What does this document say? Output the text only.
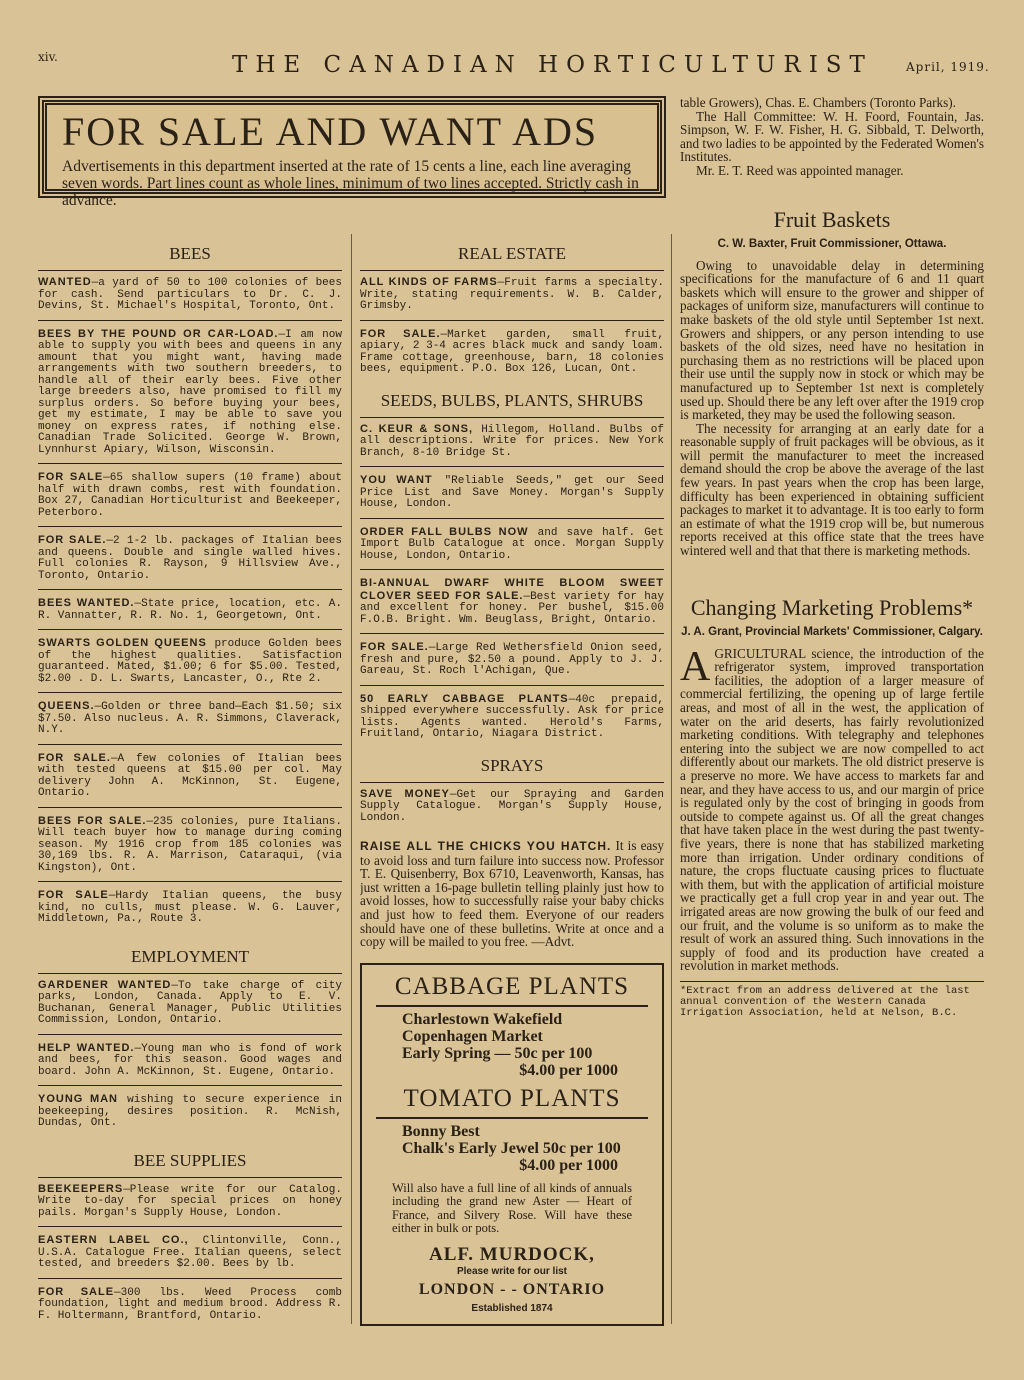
xiv.	THE CANADIAN HORTICULTURIST	April, 1919.
FOR SALE AND WANT ADS
Advertisements in this department inserted at the rate of 15 cents a line, each line averaging seven words. Part lines count as whole lines, minimum of two lines accepted. Strictly cash in advance.
BEES
WANTED—a yard of 50 to 100 colonies of bees for cash. Send particulars to Dr. C. J. Devins, St. Michael's Hospital, Toronto, Ont.
BEES BY THE POUND OR CAR-LOAD.—I am now able to supply you with bees and queens in any amount that you might want, having made arrangements with two southern breeders, to handle all of their early bees. Five other large breeders also, have promised to fill my surplus orders. So before buying your bees, get my estimate, I may be able to save you money on express rates, if nothing else. Canadian Trade Solicited. George W. Brown, Lynnhurst Apiary, Wilson, Wisconsin.
FOR SALE—65 shallow supers (10 frame) about half with drawn combs, rest with foundation. Box 27, Canadian Horticulturist and Beekeeper, Peterboro.
FOR SALE.—2 1-2 lb. packages of Italian bees and queens. Double and single walled hives. Full colonies R. Rayson, 9 Hillsview Ave., Toronto, Ontario.
BEES WANTED.—State price, location, etc. A. R. Vannatter, R. R. No. 1, Georgetown, Ont.
SWARTS GOLDEN QUEENS produce Golden bees of the highest qualities. Satisfaction guaranteed. Mated, $1.00; 6 for $5.00. Tested, $2.00 . D. L. Swarts, Lancaster, O., Rte 2.
QUEENS.—Golden or three band—Each $1.50; six $7.50. Also nucleus. A. R. Simmons, Claverack, N.Y.
FOR SALE.—A few colonies of Italian bees with tested queens at $15.00 per col. May delivery John A. McKinnon, St. Eugene, Ontario.
BEES FOR SALE.—235 colonies, pure Italians. Will teach buyer how to manage during coming season. My 1916 crop from 185 colonies was 30,169 lbs. R. A. Marrison, Cataraqui, (via Kingston), Ont.
FOR SALE—Hardy Italian queens, the busy kind, no culls, must please. W. G. Lauver, Middletown, Pa., Route 3.
EMPLOYMENT
GARDENER WANTED—To take charge of city parks, London, Canada. Apply to E. V. Buchanan, General Manager, Public Utilities Commission, London, Ontario.
HELP WANTED.—Young man who is fond of work and bees, for this season. Good wages and board. John A. McKinnon, St. Eugene, Ontario.
YOUNG MAN wishing to secure experience in beekeeping, desires position. R. McNish, Dundas, Ont.
BEE SUPPLIES
BEEKEEPERS—Please write for our Catalog. Write to-day for special prices on honey pails. Morgan's Supply House, London.
EASTERN LABEL CO., Clintonville, Conn., U.S.A. Catalogue Free. Italian queens, select tested, and breeders $2.00. Bees by lb.
FOR SALE—300 lbs. Weed Process comb foundation, light and medium brood. Address R. F. Holtermann, Brantford, Ontario.
REAL ESTATE
ALL KINDS OF FARMS—Fruit farms a specialty. Write, stating requirements. W. B. Calder, Grimsby.
FOR SALE.—Market garden, small fruit, apiary, 2 3-4 acres black muck and sandy loam. Frame cottage, greenhouse, barn, 18 colonies bees, equipment. P.O. Box 126, Lucan, Ont.
SEEDS, BULBS, PLANTS, SHRUBS
C. KEUR & SONS, Hillegom, Holland. Bulbs of all descriptions. Write for prices. New York Branch, 8-10 Bridge St.
YOU WANT "Reliable Seeds," get our Seed Price List and Save Money. Morgan's Supply House, London.
ORDER FALL BULBS NOW and save half. Get Import Bulb Catalogue at once. Morgan Supply House, London, Ontario.
BI-ANNUAL DWARF WHITE BLOOM SWEET CLOVER SEED FOR SALE.—Best variety for hay and excellent for honey. Per bushel, $15.00 F.O.B. Bright. Wm. Beuglass, Bright, Ontario.
FOR SALE.—Large Red Wethersfield Onion seed, fresh and pure, $2.50 a pound. Apply to J. J. Gareau, St. Roch l'Achigan, Que.
50 EARLY CABBAGE PLANTS—40c prepaid, shipped everywhere successfully. Ask for price lists. Agents wanted. Herold's Farms, Fruitland, Ontario, Niagara District.
SPRAYS
SAVE MONEY—Get our Spraying and Garden Supply Catalogue. Morgan's Supply House, London.
RAISE ALL THE CHICKS YOU HATCH. It is easy to avoid loss and turn failure into success now. Professor T. E. Quisenberry, Box 6710, Leavenworth, Kansas, has just written a 16-page bulletin telling plainly just how to avoid losses, how to successfully raise your baby chicks and just how to feed them. Everyone of our readers should have one of these bulletins. Write at once and a copy will be mailed to you free. —Advt.
CABBAGE PLANTS
Charlestown Wakefield
Copenhagen Market
Early Spring — 50c per 100
$4.00 per 1000
TOMATO PLANTS
Bonny Best
Chalk's Early Jewel 50c per 100
$4.00 per 1000
Will also have a full line of all kinds of annuals including the grand new Aster — Heart of France, and Silvery Rose. Will have these either in bulk or pots.
ALF. MURDOCK,
Please write for our list
LONDON - - ONTARIO
Established 1874

table Growers), Chas. E. Chambers (Toronto Parks).

The Hall Committee: W. H. Foord, Fountain, Jas. Simpson, W. F. W. Fisher, H. G. Sibbald, T. Delworth, and two ladies to be appointed by the Federated Women's Institutes.

Mr. E. T. Reed was appointed manager.

Fruit Baskets
C. W. Baxter, Fruit Commissioner, Ottawa.

Owing to unavoidable delay in determining specifications for the manufacture of 6 and 11 quart baskets which will ensure to the grower and shipper of packages of uniform size, manufacturers will continue to make baskets of the old style until September 1st next. Growers and shippers, or any person intending to use baskets of the old sizes, need have no hesitation in purchasing them as no restrictions will be placed upon their use until the supply now in stock or which may be manufactured up to September 1st next is completely used up. Should there be any left over after the 1919 crop is marketed, they may be used the following season.

The necessity for arranging at an early date for a reasonable supply of fruit packages will be obvious, as it will permit the manufacturer to meet the increased demand should the crop be above the average of the last few years. In past years when the crop has been large, difficulty has been experienced in obtaining sufficient packages to market it to advantage. It is too early to form an estimate of what the 1919 crop will be, but numerous reports received at this office state that the trees have wintered well and that that there is marketing methods.

Changing Marketing Problems*
J. A. Grant, Provincial Markets' Commissioner, Calgary.
A GRICULTURAL science, the introduction of the refrigerator system, improved transportation facilities, the adoption of a larger measure of commercial fertilizing, the opening up of large fertile areas, and most of all in the west, the application of water on the arid deserts, has fairly revolutionized marketing conditions. With telegraphy and telephones entering into the subject we are now compelled to act differently about our markets. The old district preserve is a preserve no more. We have access to markets far and near, and they have access to us, and our margin of price is regulated only by the cost of bringing in goods from outside to compete against us. Of all the great changes that have taken place in the west during the past twenty-five years, there is none that has stabilized marketing more than irrigation. Under ordinary conditions of nature, the crops fluctuate causing prices to fluctuate with them, but with the application of artificial moisture we practically get a full crop year in and year out. The irrigated areas are now growing the bulk of our feed and our fruit, and the volume is so uniform as to make the result of work an assured thing. Such innovations in the supply of food and its production have created a revolution in market methods.

*Extract from an address delivered at the last annual convention of the Western Canada Irrigation Association, held at Nelson, B.C.
